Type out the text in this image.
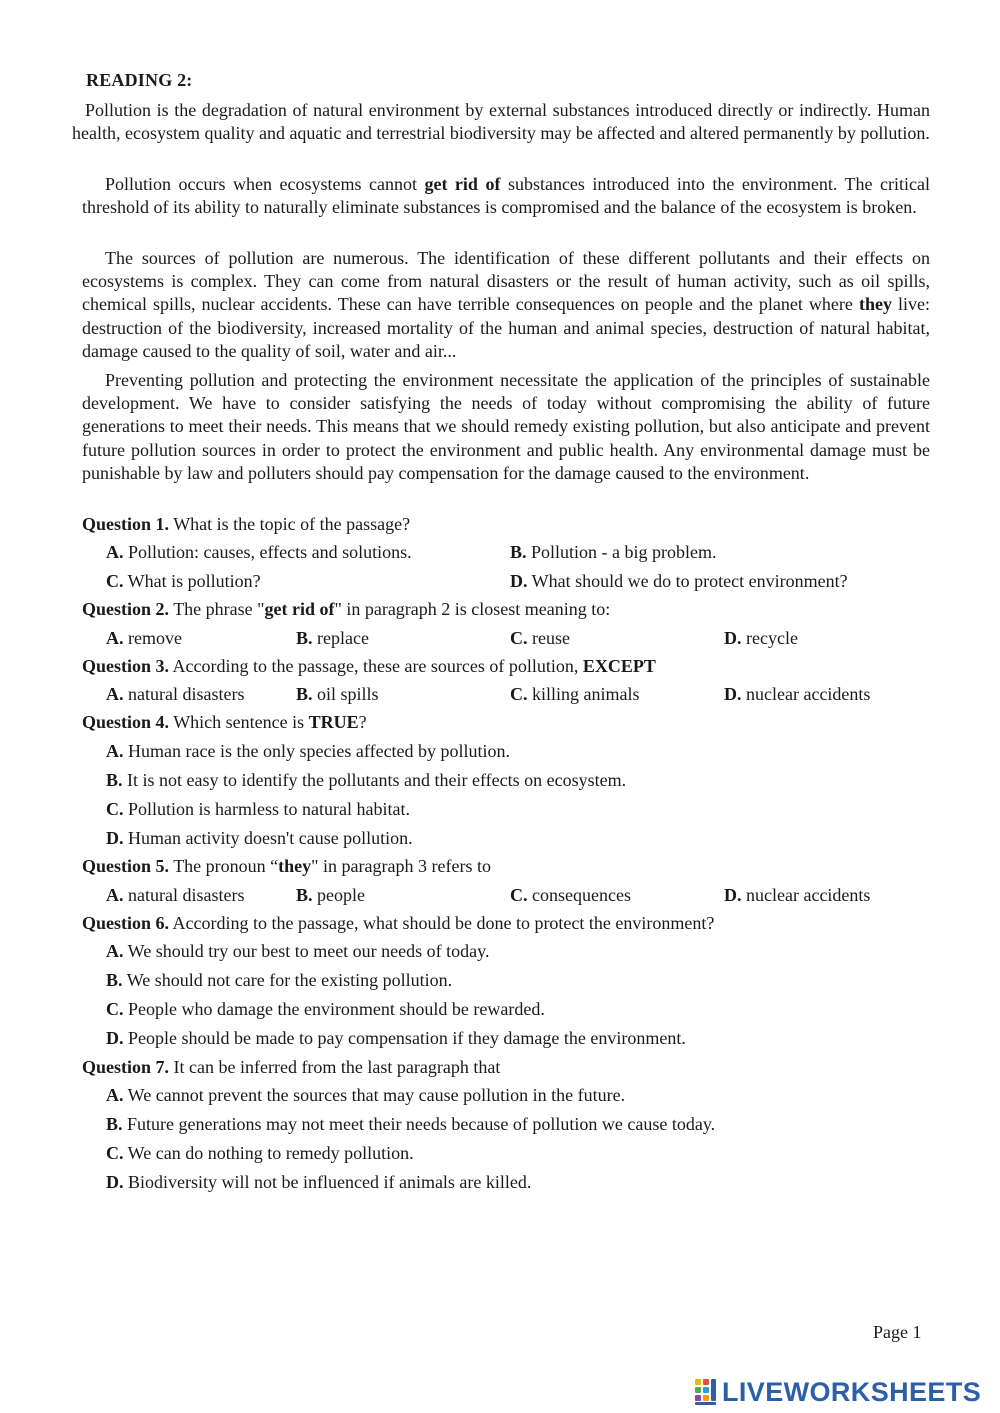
READING 2:

Pollution is the degradation of natural environment by external substances introduced directly or indirectly. Human health, ecosystem quality and aquatic and terrestrial biodiversity may be affected and altered permanently by pollution.

Pollution occurs when ecosystems cannot get rid of substances introduced into the environment. The critical threshold of its ability to naturally eliminate substances is compromised and the balance of the ecosystem is broken.

The sources of pollution are numerous. The identification of these different pollutants and their effects on ecosystems is complex. They can come from natural disasters or the result of human activity, such as oil spills, chemical spills, nuclear accidents. These can have terrible consequences on people and the planet where they live: destruction of the biodiversity, increased mortality of the human and animal species, destruction of natural habitat, damage caused to the quality of soil, water and air...

Preventing pollution and protecting the environment necessitate the application of the principles of sustainable development. We have to consider satisfying the needs of today without compromising the ability of future generations to meet their needs. This means that we should remedy existing pollution, but also anticipate and prevent future pollution sources in order to protect the environment and public health. Any environmental damage must be punishable by law and polluters should pay compensation for the damage caused to the environment.

Question 1. What is the topic of the passage?
A. Pollution: causes, effects and solutions.	B. Pollution - a big problem.
C. What is pollution?	D. What should we do to protect environment?
Question 2. The phrase "get rid of" in paragraph 2 is closest meaning to:
A. remove	B. replace	C. reuse	D. recycle
Question 3. According to the passage, these are sources of pollution, EXCEPT
A. natural disasters	B. oil spills	C. killing animals	D. nuclear accidents
Question 4. Which sentence is TRUE?
A. Human race is the only species affected by pollution.
B. It is not easy to identify the pollutants and their effects on ecosystem.
C. Pollution is harmless to natural habitat.
D. Human activity doesn't cause pollution.
Question 5. The pronoun “they" in paragraph 3 refers to
A. natural disasters	B. people	C. consequences	D. nuclear accidents
Question 6. According to the passage, what should be done to protect the environment?
A. We should try our best to meet our needs of today.
B. We should not care for the existing pollution.
C. People who damage the environment should be rewarded.
D. People should be made to pay compensation if they damage the environment.
Question 7. It can be inferred from the last paragraph that
A. We cannot prevent the sources that may cause pollution in the future.
B. Future generations may not meet their needs because of pollution we cause today.
C. We can do nothing to remedy pollution.
D. Biodiversity will not be influenced if animals are killed.
Page 1
LIVEWORKSHEETS
